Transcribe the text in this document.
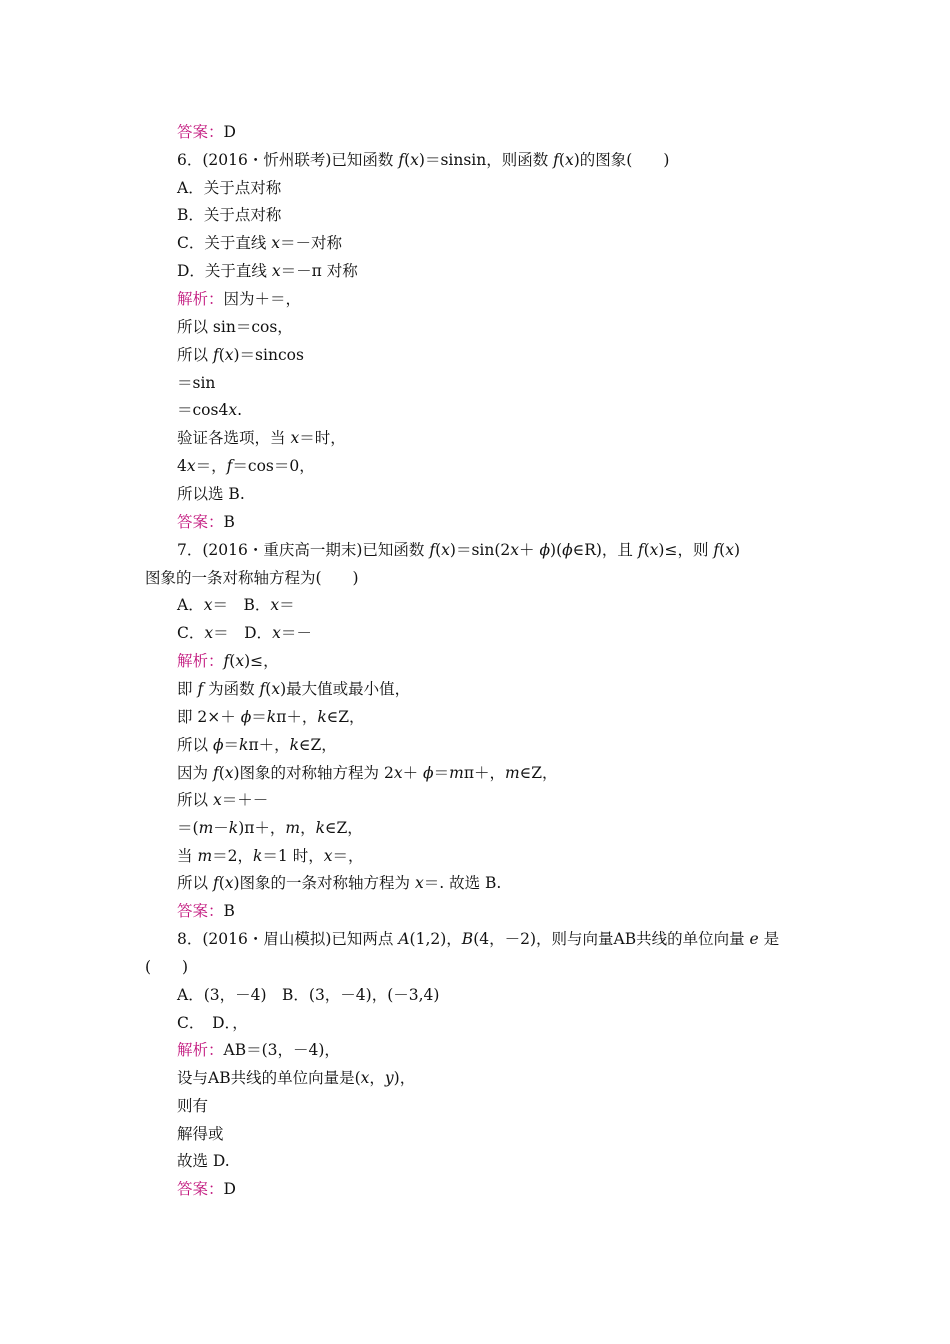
答案：D
6．(2016・忻州联考)已知函数 f(x)＝sinsin，则函数 f(x)的图象(　　)
A．关于点对称
B．关于点对称
C．关于直线 x＝－对称
D．关于直线 x＝－π 对称
解析：因为＋＝，
所以 sin＝cos，
所以 f(x)＝sincos
＝sin
＝cos4x.
验证各选项，当 x＝时，
4x＝，f＝cos＝0，
所以选 B.
答案：B
7．(2016・重庆高一期末)已知函数 f(x)＝sin(2x＋ ϕ)(ϕ∈R)，且 f(x)≤，则 f(x)
图象的一条对称轴方程为(　　)
A．x＝　B．x＝
C．x＝　D．x＝－
解析：f(x)≤，
即 f 为函数 f(x)最大值或最小值，
即 2×＋ ϕ＝kπ＋，k∈Z，
所以 ϕ＝kπ＋，k∈Z，
因为 f(x)图象的对称轴方程为 2x＋ ϕ＝mπ＋，m∈Z，
所以 x＝＋－
＝(m－k)π＋，m，k∈Z，
当 m＝2，k＝1 时，x＝，
所以 f(x)图象的一条对称轴方程为 x＝. 故选 B.
答案：B
8．(2016・眉山模拟)已知两点 A(1,2)，B(4，－2)，则与向量AB共线的单位向量 e 是
(　　)
A．(3，－4)　B．(3，－4)，(－3,4)
C．　D．，
解析：AB＝(3，－4)，
设与AB共线的单位向量是(x，y)，
则有
解得或
故选 D.
答案：D
